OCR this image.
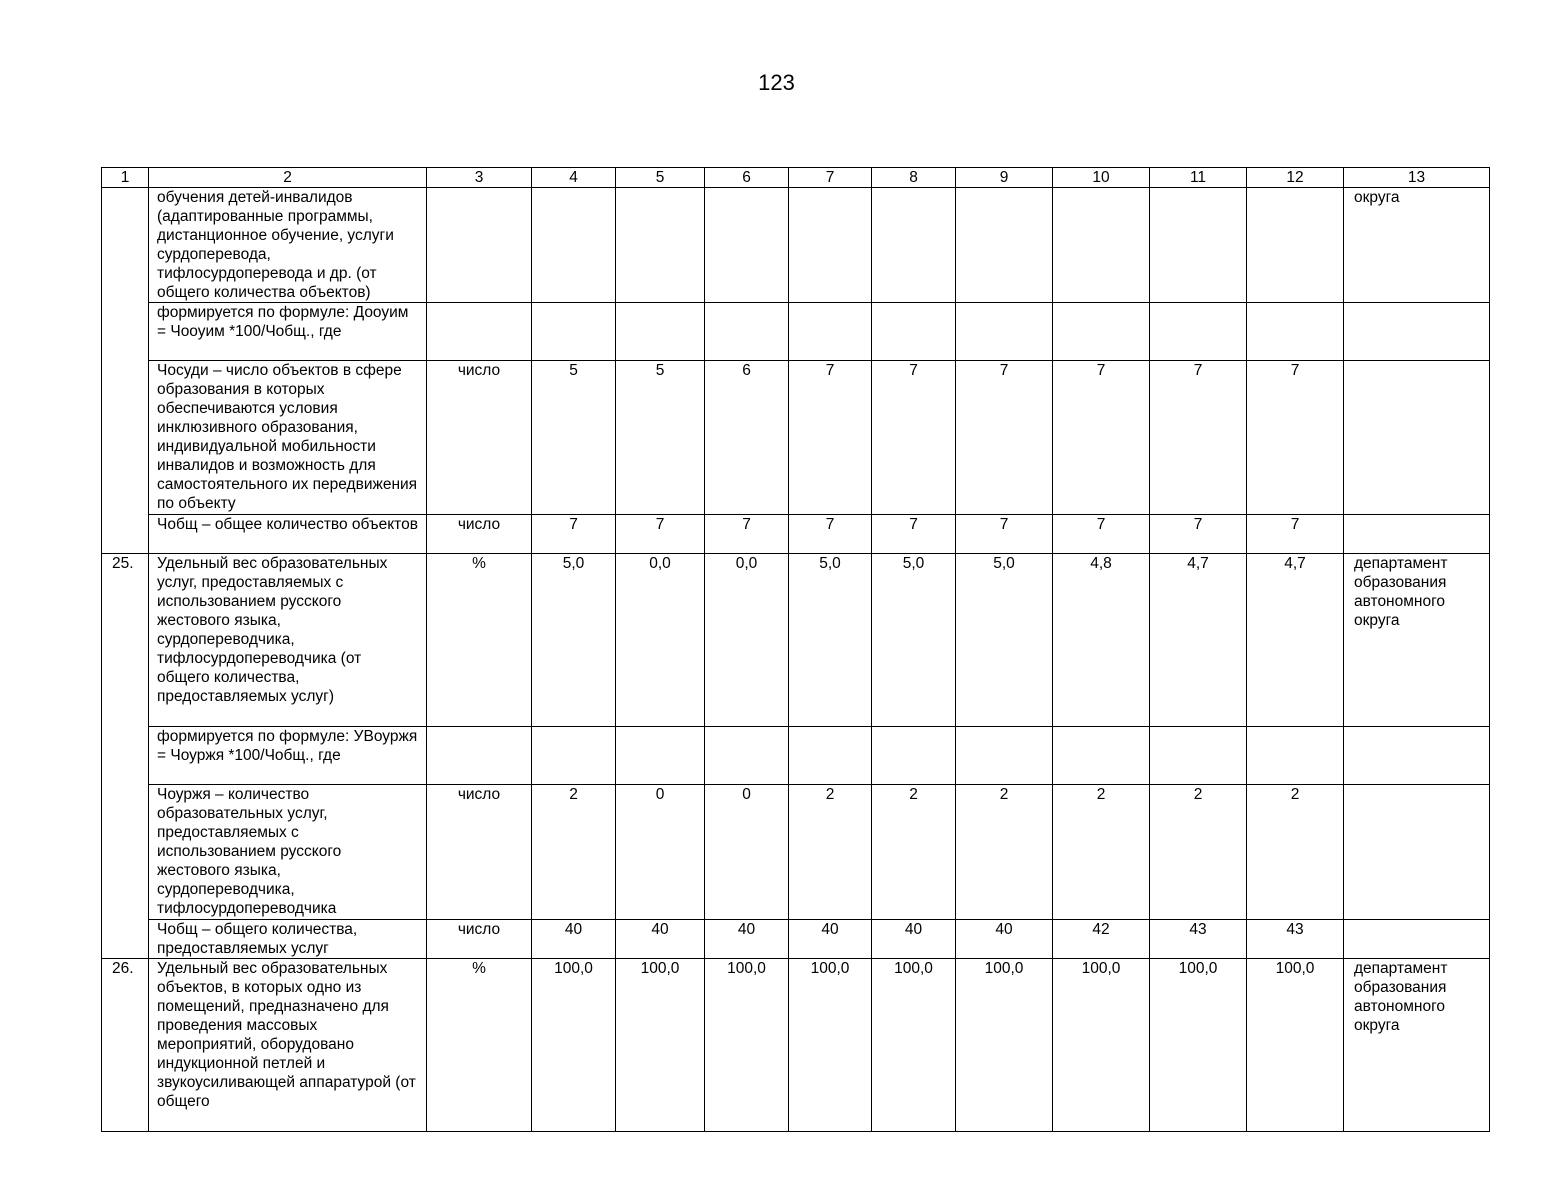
123
1	2	3	4	5	6	7	8	9	10	11	12	13
	обучения детей-инвалидов (адаптированные программы, дистанционное обучение, услуги сурдоперевода, тифлосурдоперевода и др. (от общего количества объектов)											округа
	формируется по формуле: Дооуим = Чооуим *100/Чобщ., где											
	Чосуди – число объектов в сфере образования в которых обеспечиваются условия инклюзивного образования, индивидуальной мобильности инвалидов и возможность для самостоятельного их передвижения по объекту	число	5	5	6	7	7	7	7	7	7	
	Чобщ – общее количество объектов	число	7	7	7	7	7	7	7	7	7	
25.	Удельный вес образовательных услуг, предоставляемых с использованием русского жестового языка, сурдопереводчика, тифлосурдопереводчика (от общего количества, предоставляемых услуг)	%	5,0	0,0	0,0	5,0	5,0	5,0	4,8	4,7	4,7	департамент образования автономного округа
	формируется по формуле: УВоуржя = Чоуржя *100/Чобщ., где											
	Чоуржя – количество образовательных услуг, предоставляемых с использованием русского жестового языка, сурдопереводчика, тифлосурдопереводчика	число	2	0	0	2	2	2	2	2	2	
	Чобщ – общего количества, предоставляемых услуг	число	40	40	40	40	40	40	42	43	43	
26.	Удельный вес образовательных объектов, в которых одно из помещений, предназначено для проведения массовых мероприятий, оборудовано индукционной петлей и звукоусиливающей аппаратурой (от общего	%	100,0	100,0	100,0	100,0	100,0	100,0	100,0	100,0	100,0	департамент образования автономного округа
